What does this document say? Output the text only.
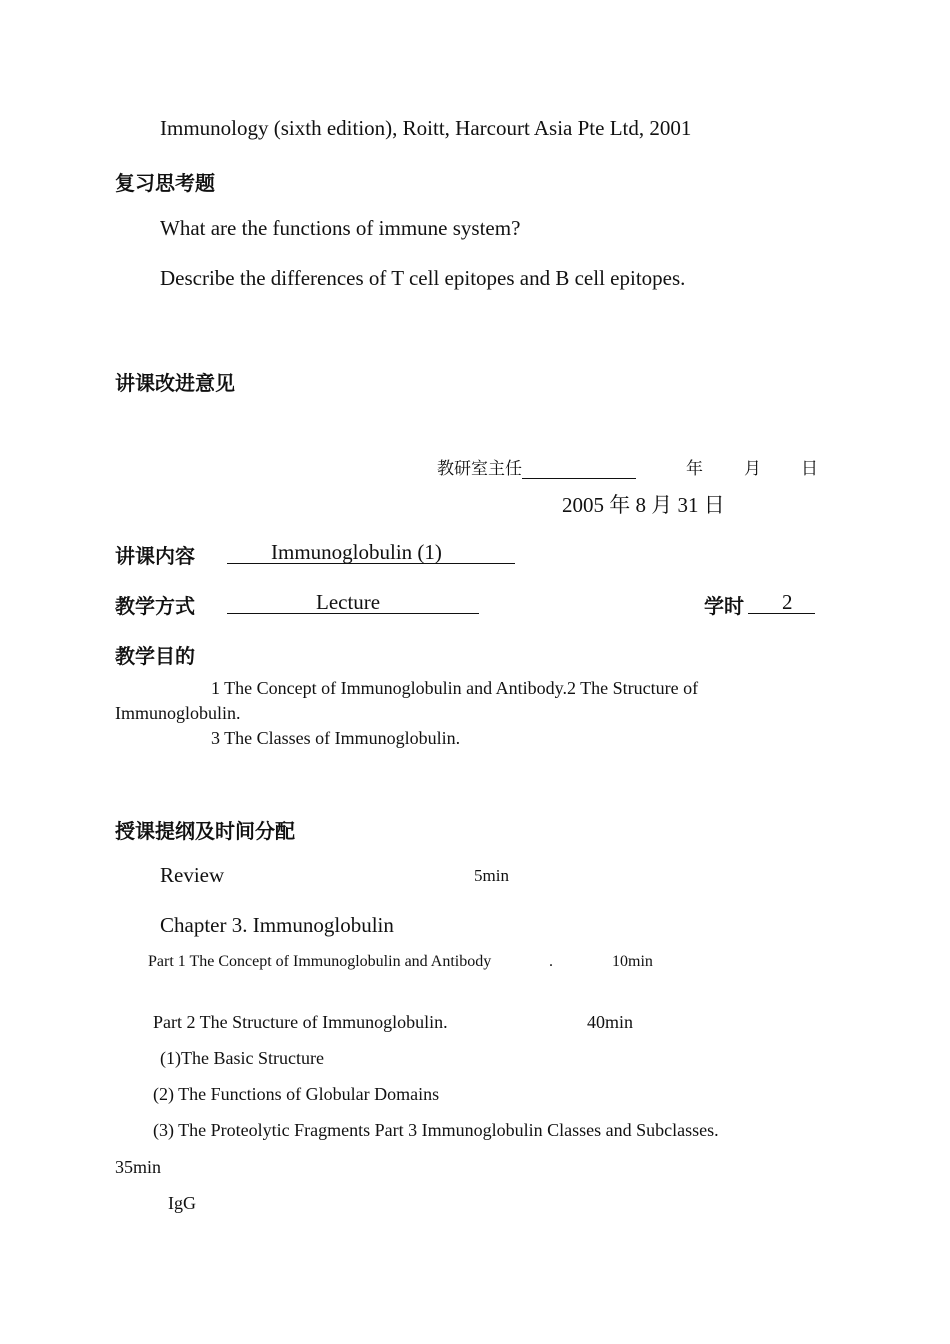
Immunology (sixth edition), Roitt, Harcourt Asia Pte Ltd, 2001
复习思考题
What are the functions of immune system?
Describe the differences of T cell epitopes and B cell epitopes.
讲课改进意见
教研室主任	年 月 日
2005 年 8 月 31 日
讲课内容	Immunoglobulin (1)
教学方式	Lecture	学时	2
教学目的
1 The Concept of Immunoglobulin and Antibody.2 The Structure of
Immunoglobulin.
3 The Classes of Immunoglobulin.
授课提纲及时间分配
Review	5min
Chapter 3. Immunoglobulin
Part 1 The Concept of Immunoglobulin and Antibody	.	10min
Part 2 The Structure of Immunoglobulin.	40min
(1)The Basic Structure
(2) The Functions of Globular Domains
(3) The Proteolytic Fragments Part 3 Immunoglobulin Classes and Subclasses.
35min
IgG
